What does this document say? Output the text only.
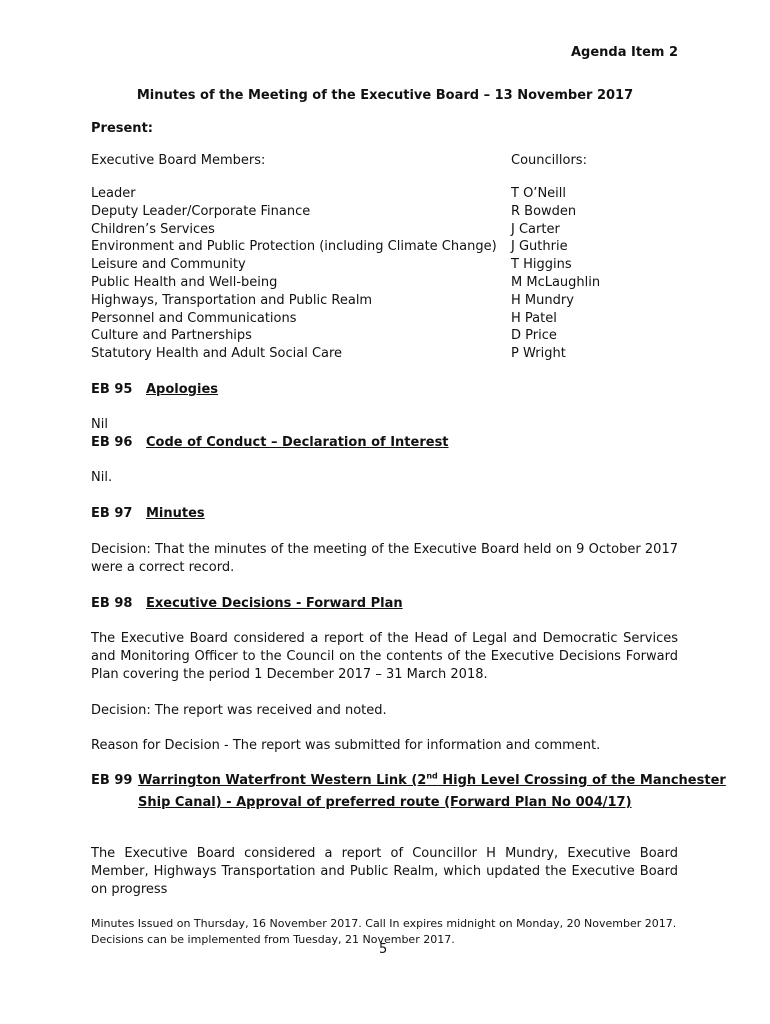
Agenda Item 2
Minutes of the Meeting of the Executive Board – 13 November 2017
Present:
Executive Board Members:	Councillors:
Leader
Deputy Leader/Corporate Finance
Children’s Services
Environment and Public Protection (including Climate Change)
Leisure and Community
Public Health and Well-being
Highways, Transportation and Public Realm
Personnel and Communications
Culture and Partnerships
Statutory Health and Adult Social Care
T O’Neill
R Bowden
J Carter
J Guthrie
T Higgins
M McLaughlin
H Mundry
H Patel
D Price
P Wright
EB 95 Apologies
Nil
EB 96 Code of Conduct – Declaration of Interest
Nil.
EB 97 Minutes
Decision: That the minutes of the meeting of the Executive Board held on 9 October 2017 were a correct record.
EB 98 Executive Decisions - Forward Plan
The Executive Board considered a report of the Head of Legal and Democratic Services and Monitoring Officer to the Council on the contents of the Executive Decisions Forward Plan covering the period 1 December 2017 – 31 March 2018.
Decision: The report was received and noted.
Reason for Decision - The report was submitted for information and comment.
EB 99 Warrington Waterfront Western Link (2nd High Level Crossing of the Manchester
Ship Canal) - Approval of preferred route (Forward Plan No 004/17)
The Executive Board considered a report of Councillor H Mundry, Executive Board Member, Highways Transportation and Public Realm, which updated the Executive Board on progress
Minutes Issued on Thursday, 16 November 2017. Call In expires midnight on Monday, 20 November 2017.
Decisions can be implemented from Tuesday, 21 November 2017.
5
